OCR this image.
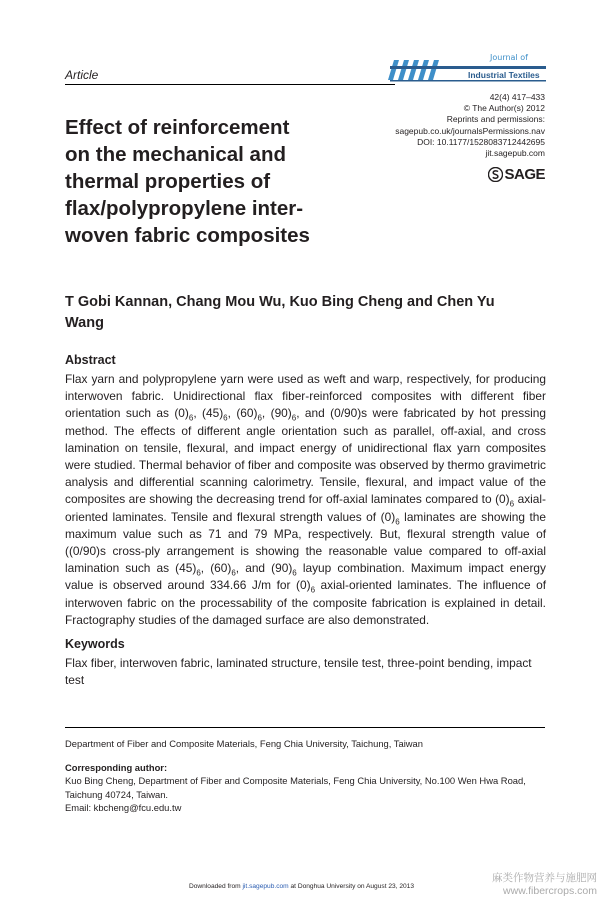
Article
Journal of
Industrial Textiles
42(4) 417–433
© The Author(s) 2012
Reprints and permissions:
sagepub.co.uk/journalsPermissions.nav
DOI: 10.1177/1528083712442695
jit.sagepub.com
SAGE
Effect of reinforcement
on the mechanical and
thermal properties of
flax/polypropylene inter-
woven fabric composites
T Gobi Kannan, Chang Mou Wu, Kuo Bing Cheng and Chen Yu Wang
Abstract
Flax yarn and polypropylene yarn were used as weft and warp, respectively, for producing interwoven fabric. Unidirectional flax fiber-reinforced composites with different fiber orientation such as $(0)_6$, $(45)_6$, $(60)_6$, $(90)_6$, and (0/90)s were fabricated by hot pressing method. The effects of different angle orientation such as parallel, off-axial, and cross lamination on tensile, flexural, and impact energy of unidirectional flax yarn composites were studied. Thermal behavior of fiber and composite was observed by thermo gravimetric analysis and differential scanning calorimetry. Tensile, flexural, and impact value of the composites are showing the decreasing trend for off-axial laminates compared to $(0)_6$ axial-oriented laminates. Tensile and flexural strength values of $(0)_6$ laminates are showing the maximum value such as 71 and 79 MPa, respectively. But, flexural strength value of ((0/90)s cross-ply arrangement is showing the reasonable value compared to off-axial lamination such as $(45)_6$, $(60)_6$, and $(90)_6$ layup combination. Maximum impact energy value is observed around 334.66 J/m for $(0)_6$ axial-oriented laminates. The influence of interwoven fabric on the processability of the composite fabrication is explained in detail. Fractography studies of the damaged surface are also demonstrated.
Keywords
Flax fiber, interwoven fabric, laminated structure, tensile test, three-point bending, impact test
Department of Fiber and Composite Materials, Feng Chia University, Taichung, Taiwan
Corresponding author:
Kuo Bing Cheng, Department of Fiber and Composite Materials, Feng Chia University, No.100 Wen Hwa Road, Taichung 40724, Taiwan.
Email: kbcheng@fcu.edu.tw
Downloaded from jit.sagepub.com at Donghua University on August 23, 2013
麻类作物营养与施肥网
www.fibercrops.com
